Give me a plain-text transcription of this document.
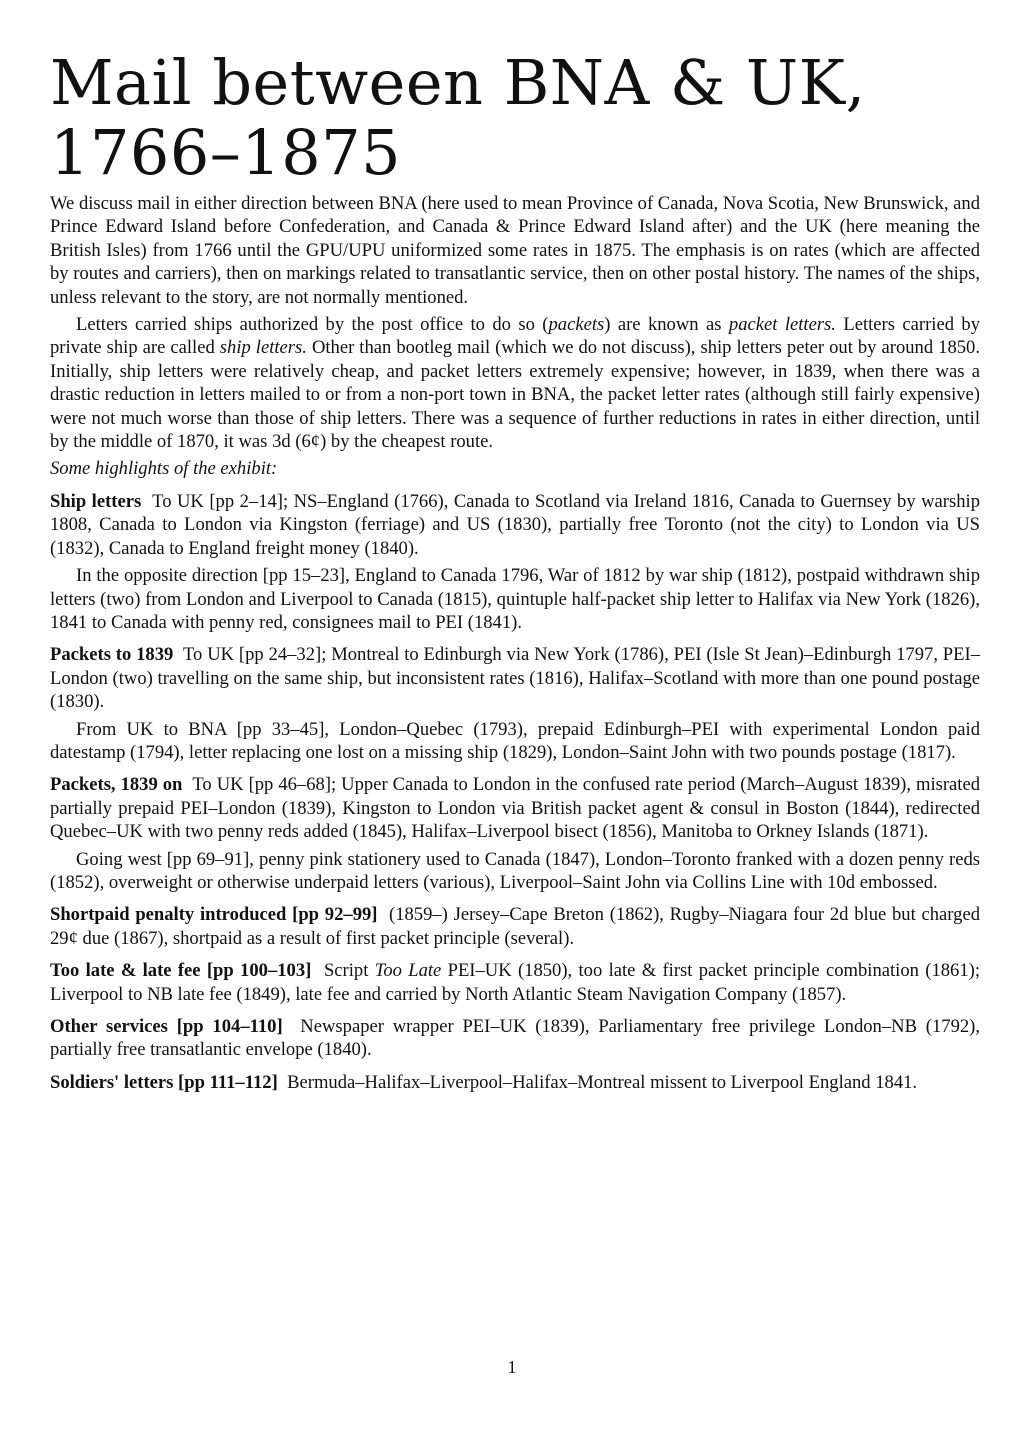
Mail between BNA & UK, 1766–1875

We discuss mail in either direction between BNA (here used to mean Province of Canada, Nova Scotia, New Brunswick, and Prince Edward Island before Confederation, and Canada & Prince Edward Island after) and the UK (here meaning the British Isles) from 1766 until the GPU/UPU uniformized some rates in 1875. The emphasis is on rates (which are affected by routes and carriers), then on markings related to transatlantic service, then on other postal history. The names of the ships, unless relevant to the story, are not normally mentioned.

Letters carried ships authorized by the post office to do so (packets) are known as packet letters. Letters carried by private ship are called ship letters. Other than bootleg mail (which we do not discuss), ship letters peter out by around 1850. Initially, ship letters were relatively cheap, and packet letters extremely expensive; however, in 1839, when there was a drastic reduction in letters mailed to or from a non-port town in BNA, the packet letter rates (although still fairly expensive) were not much worse than those of ship letters. There was a sequence of further reductions in rates in either direction, until by the middle of 1870, it was 3d (6¢) by the cheapest route.

Some highlights of the exhibit:

Ship letters To UK [pp 2–14]; NS–England (1766), Canada to Scotland via Ireland 1816, Canada to Guernsey by warship 1808, Canada to London via Kingston (ferriage) and US (1830), partially free Toronto (not the city) to London via US (1832), Canada to England freight money (1840).

In the opposite direction [pp 15–23], England to Canada 1796, War of 1812 by war ship (1812), postpaid withdrawn ship letters (two) from London and Liverpool to Canada (1815), quintuple half-packet ship letter to Halifax via New York (1826), 1841 to Canada with penny red, consignees mail to PEI (1841).

Packets to 1839 To UK [pp 24–32]; Montreal to Edinburgh via New York (1786), PEI (Isle St Jean)–Edinburgh 1797, PEI–London (two) travelling on the same ship, but inconsistent rates (1816), Halifax–Scotland with more than one pound postage (1830).

From UK to BNA [pp 33–45], London–Quebec (1793), prepaid Edinburgh–PEI with experimental London paid datestamp (1794), letter replacing one lost on a missing ship (1829), London–Saint John with two pounds postage (1817).

Packets, 1839 on To UK [pp 46–68]; Upper Canada to London in the confused rate period (March–August 1839), misrated partially prepaid PEI–London (1839), Kingston to London via British packet agent & consul in Boston (1844), redirected Quebec–UK with two penny reds added (1845), Halifax–Liverpool bisect (1856), Manitoba to Orkney Islands (1871).

Going west [pp 69–91], penny pink stationery used to Canada (1847), London–Toronto franked with a dozen penny reds (1852), overweight or otherwise underpaid letters (various), Liverpool–Saint John via Collins Line with 10d embossed.

Shortpaid penalty introduced [pp 92–99] (1859–) Jersey–Cape Breton (1862), Rugby–Niagara four 2d blue but charged 29¢ due (1867), shortpaid as a result of first packet principle (several).

Too late & late fee [pp 100–103] Script Too Late PEI–UK (1850), too late & first packet principle combination (1861); Liverpool to NB late fee (1849), late fee and carried by North Atlantic Steam Navigation Company (1857).

Other services [pp 104–110] Newspaper wrapper PEI–UK (1839), Parliamentary free privilege London–NB (1792), partially free transatlantic envelope (1840).

Soldiers' letters [pp 111–112] Bermuda–Halifax–Liverpool–Halifax–Montreal missent to Liverpool England 1841.

1
